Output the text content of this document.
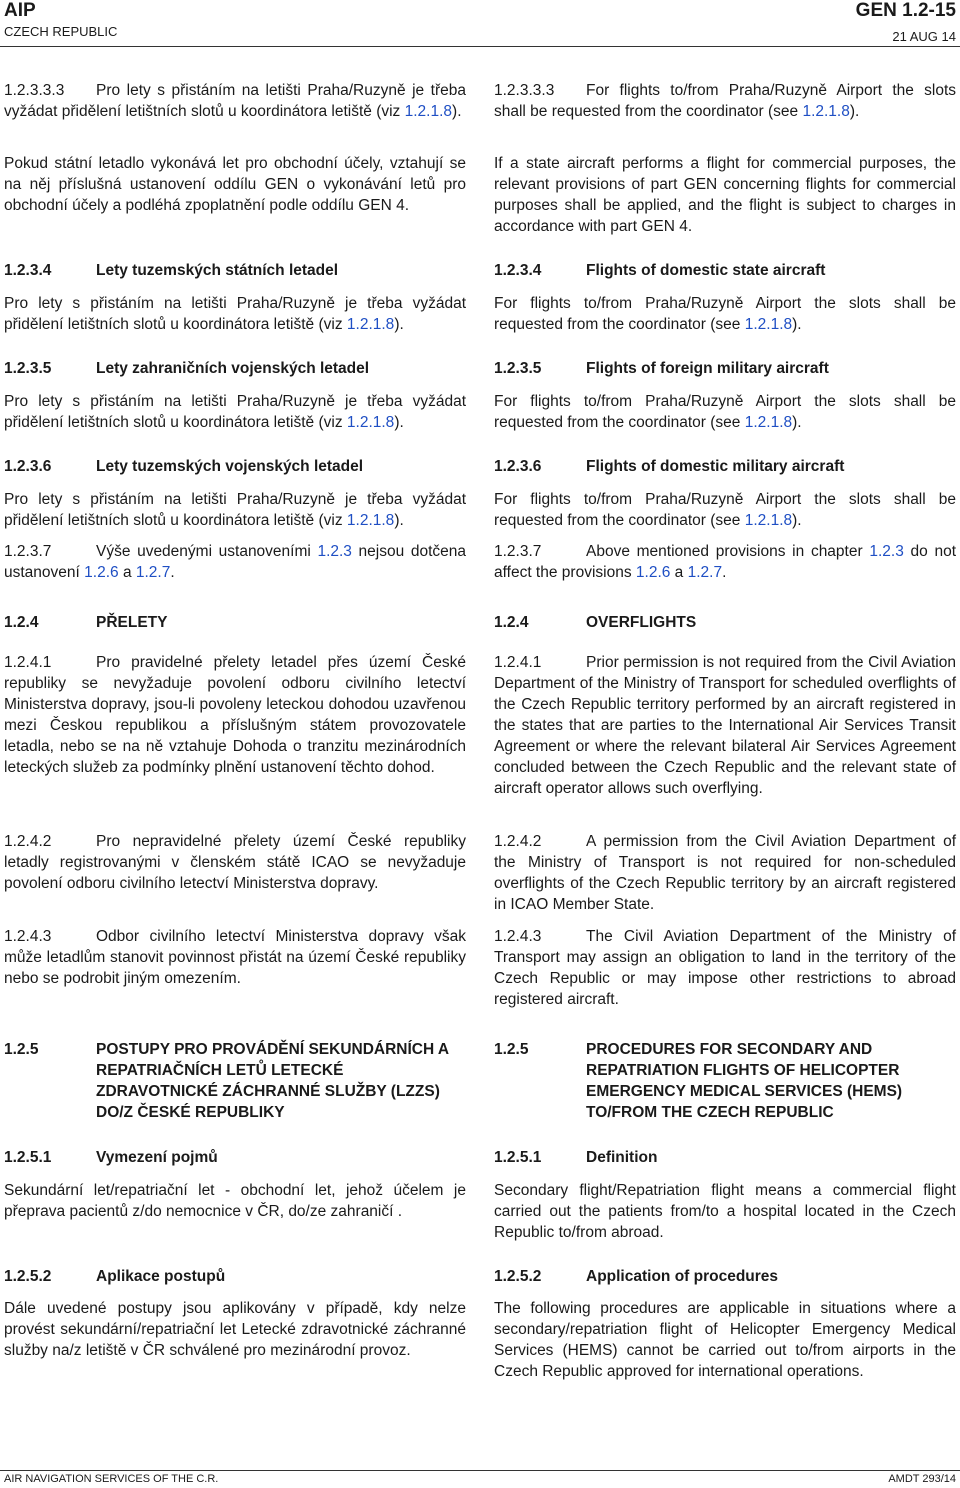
AIP
CZECH REPUBLIC
GEN 1.2-15
21 AUG 14
1.2.3.3.3 Pro lety s přistáním na letišti Praha/Ruzyně je třeba vyžádat přidělení letištních slotů u koordinátora letiště (viz 1.2.1.8).
Pokud státní letadlo vykonává let pro obchodní účely, vztahují se na něj příslušná ustanovení oddílu GEN o vykonávání letů pro obchodní účely a podléhá zpoplatnění podle oddílu GEN 4.
1.2.3.4	Lety tuzemských státních letadel
Pro lety s přistáním na letišti Praha/Ruzyně je třeba vyžádat přidělení letištních slotů u koordinátora letiště (viz 1.2.1.8).
1.2.3.5	Lety zahraničních vojenských letadel
Pro lety s přistáním na letišti Praha/Ruzyně je třeba vyžádat přidělení letištních slotů u koordinátora letiště (viz 1.2.1.8).
1.2.3.6	Lety tuzemských vojenských letadel
Pro lety s přistáním na letišti Praha/Ruzyně je třeba vyžádat přidělení letištních slotů u koordinátora letiště (viz 1.2.1.8).
1.2.3.7	Výše uvedenými ustanoveními 1.2.3 nejsou dotčena ustanovení 1.2.6 a 1.2.7.
1.2.4	PŘELETY
1.2.4.1	Pro pravidelné přelety letadel přes území České republiky se nevyžaduje povolení odboru civilního letectví Ministerstva dopravy, jsou-li povoleny leteckou dohodou uzavřenou mezi Českou republikou a příslušným státem provozovatele letadla, nebo se na ně vztahuje Dohoda o tranzitu mezinárodních leteckých služeb za podmínky plnění ustanovení těchto dohod.
1.2.4.2	Pro nepravidelné přelety území České republiky letadly registrovanými v členském státě ICAO se nevyžaduje povolení odboru civilního letectví Ministerstva dopravy.
1.2.4.3	Odbor civilního letectví Ministerstva dopravy však může letadlům stanovit povinnost přistát na území České republiky nebo se podrobit jiným omezením.
1.2.5	POSTUPY PRO PROVÁDĚNÍ SEKUNDÁRNÍCH A REPATRIAČNÍCH LETŮ LETECKÉ ZDRAVOTNICKÉ ZÁCHRANNÉ SLUŽBY (LZZS) DO/Z ČESKÉ REPUBLIKY
1.2.5.1	Vymezení pojmů
Sekundární let/repatriační let - obchodní let, jehož účelem je přeprava pacientů z/do nemocnice v ČR, do/ze zahraničí .
1.2.5.2	Aplikace postupů
Dále uvedené postupy jsou aplikovány v případě, kdy nelze provést sekundární/repatriační let Letecké zdravotnické záchranné služby na/z letiště v ČR schválené pro mezinárodní provoz.
1.2.3.3.3 For flights to/from Praha/Ruzyně Airport the slots shall be requested from the coordinator (see 1.2.1.8).
If a state aircraft performs a flight for commercial purposes, the relevant provisions of part GEN concerning flights for commercial purposes shall be applied, and the flight is subject to charges in accordance with part GEN 4.
1.2.3.4	Flights of domestic state aircraft
For flights to/from Praha/Ruzyně Airport the slots shall be requested from the coordinator (see 1.2.1.8).
1.2.3.5	Flights of foreign military aircraft
For flights to/from Praha/Ruzyně Airport the slots shall be requested from the coordinator (see 1.2.1.8).
1.2.3.6	Flights of domestic military aircraft
For flights to/from Praha/Ruzyně Airport the slots shall be requested from the coordinator (see 1.2.1.8).
1.2.3.7	Above mentioned provisions in chapter 1.2.3 do not affect the provisions 1.2.6 a 1.2.7.
1.2.4	OVERFLIGHTS
1.2.4.1	Prior permission is not required from the Civil Aviation Department of the Ministry of Transport for scheduled overflights of the Czech Republic territory performed by an aircraft registered in the states that are parties to the International Air Services Transit Agreement or where the relevant bilateral Air Services Agreement concluded between the Czech Republic and the relevant state of aircraft operator allows such overflying.
1.2.4.2	A permission from the Civil Aviation Department of the Ministry of Transport is not required for non-scheduled overflights of the Czech Republic territory by an aircraft registered in ICAO Member State.
1.2.4.3	The Civil Aviation Department of the Ministry of Transport may assign an obligation to land in the territory of the Czech Republic or may impose other restrictions to abroad registered aircraft.
1.2.5	PROCEDURES FOR SECONDARY AND REPATRIATION FLIGHTS OF HELICOPTER EMERGENCY MEDICAL SERVICES (HEMS) TO/FROM THE CZECH REPUBLIC
1.2.5.1	Definition
Secondary flight/Repatriation flight means a commercial flight carried out the patients from/to a hospital located in the Czech Republic to/from abroad.
1.2.5.2	Application of procedures
The following procedures are applicable in situations where a secondary/repatriation flight of Helicopter Emergency Medical Services (HEMS) cannot be carried out to/from airports in the Czech Republic approved for international operations.
AIR NAVIGATION SERVICES OF THE C.R.	AMDT 293/14
